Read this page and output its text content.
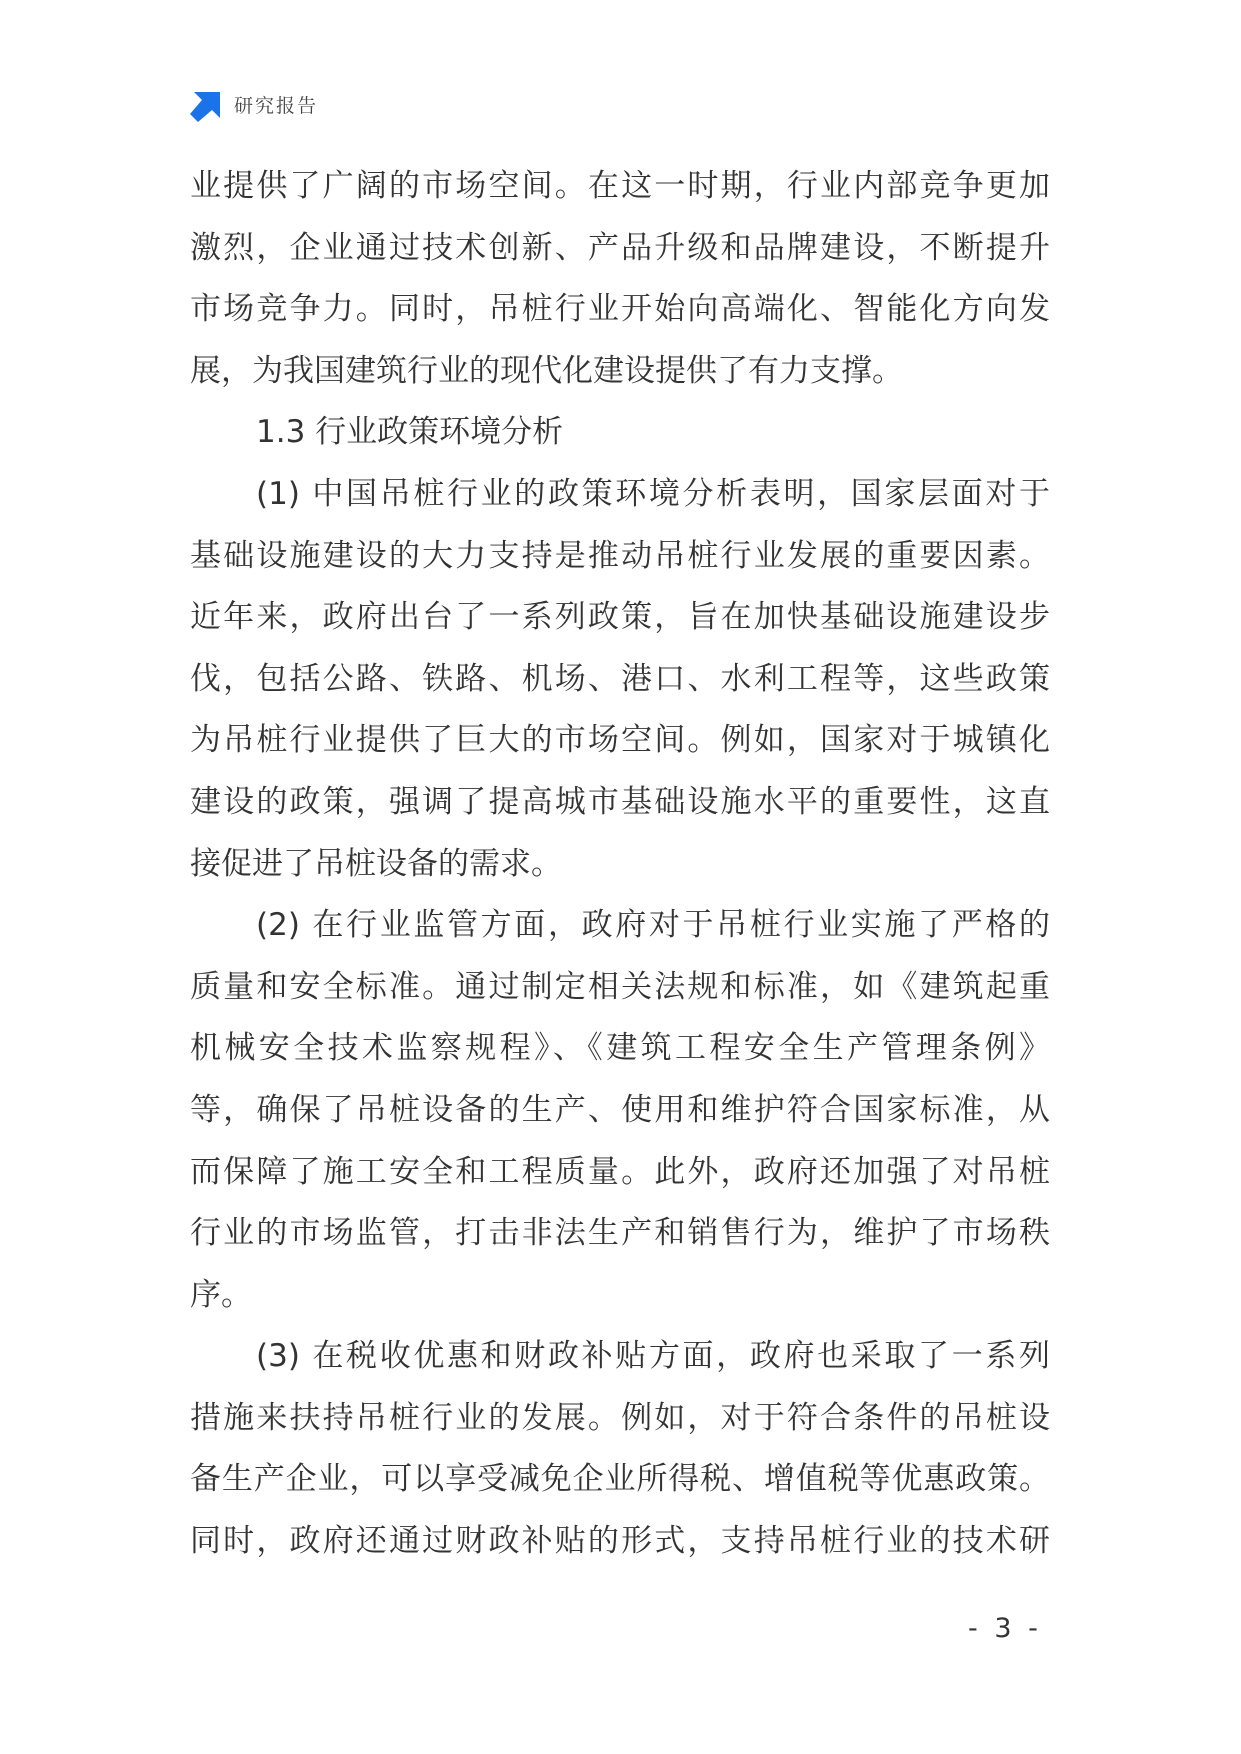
研究报告
业提供了广阔的市场空间。在这一时期，行业内部竞争更加
激烈，企业通过技术创新、产品升级和品牌建设，不断提升
市场竞争力。同时，吊桩行业开始向高端化、智能化方向发
展，为我国建筑行业的现代化建设提供了有力支撑。
1.3 行业政策环境分析
(1) 中国吊桩行业的政策环境分析表明，国家层面对于
基础设施建设的大力支持是推动吊桩行业发展的重要因素。
近年来，政府出台了一系列政策，旨在加快基础设施建设步
伐，包括公路、铁路、机场、港口、水利工程等，这些政策
为吊桩行业提供了巨大的市场空间。例如，国家对于城镇化
建设的政策，强调了提高城市基础设施水平的重要性，这直
接促进了吊桩设备的需求。
(2) 在行业监管方面，政府对于吊桩行业实施了严格的
质量和安全标准。通过制定相关法规和标准，如《建筑起重
机械安全技术监察规程》、《建筑工程安全生产管理条例》
等，确保了吊桩设备的生产、使用和维护符合国家标准，从
而保障了施工安全和工程质量。此外，政府还加强了对吊桩
行业的市场监管，打击非法生产和销售行为，维护了市场秩
序。
(3) 在税收优惠和财政补贴方面，政府也采取了一系列
措施来扶持吊桩行业的发展。例如，对于符合条件的吊桩设
备生产企业，可以享受减免企业所得税、增值税等优惠政策。
同时，政府还通过财政补贴的形式，支持吊桩行业的技术研
- 3 -
